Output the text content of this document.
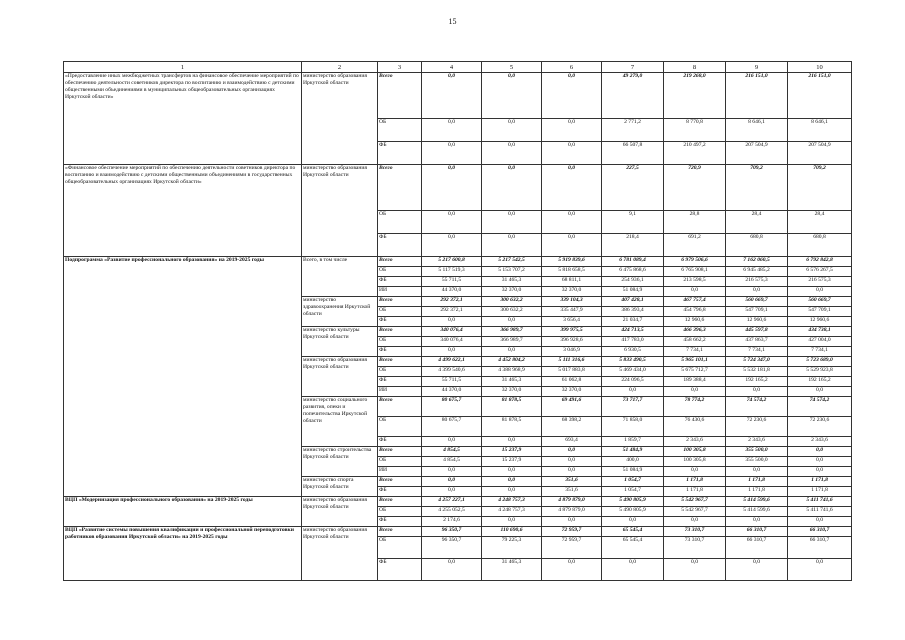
15
1	2	3	4	5	6	7	8	9	10
«Предоставление иных межбюджетных трансфертов на финансовое обеспечение мероприятий по обеспечению деятельности советников директора по воспитанию и взаимодействию с детскими общественными объединениями в муниципальных общеобразовательных организациях Иркутской области»	министерство образования Иркутской области	Всего	0,0	0,0	0,0	49 279,0	219 268,0	216 151,0	216 151,0
		ОБ	0,0	0,0	0,0	2 771,2	8 770,8	8 646,1	8 646,1
		ФБ	0,0	0,0	0,0	66 507,8	210 497,2	207 504,9	207 504,9
«Финансовое обеспечение мероприятий по обеспечению деятельности советников директора по воспитанию и взаимодействию с детскими общественными объединениями в государственных общеобразовательных организациях Иркутской области»	министерство образования Иркутской области	Всего	0,0	0,0	0,0	227,5	720,9	709,2	709,2
		ОБ	0,0	0,0	0,0	9,1	28,8	28,4	28,4
		ФБ	0,0	0,0	0,0	218,4	691,2	680,8	680,8
Подпрограмма «Развитие профессионального образования» на 2019-2025 годы	Всего, в том числе	Всего	5 217 600,8	5 217 542,5	5 919 839,6	6 781 089,4	6 979 506,6	7 162 060,5	6 792 842,8
		ОБ	5 117 519,3	5 153 707,2	5 818 658,5	6 475 868,6	6 765 908,1	6 945 485,2	6 576 267,5
		ФБ	55 711,5	31 465,3	68 811,1	254 936,1	213 598,5	216 575,3	216 575,3
		ИИ	44 370,0	32 370,0	32 370,0	51 084,9	0,0	0,0	0,0
	министерство здравоохранения Иркутской области	Всего	292 372,1	300 632,2	339 104,3	407 428,1	467 757,4	560 669,7	560 669,7
		ОБ	292 372,1	300 632,2	335 447,9	386 393,4	454 796,8	547 709,1	547 709,1
		ФБ	0,0	0,0	3 656,4	21 034,7	12 960,6	12 960,6	12 960,6
	министерство культуры Иркутской области	Всего	340 076,4	366 989,7	399 975,5	424 713,5	466 396,3	445 597,8	434 738,1
		ОБ	340 076,4	366 989,7	396 928,6	417 783,0	458 662,2	437 863,7	427 004,0
		ФБ	0,0	0,0	3 046,9	6 930,5	7 734,1	7 734,1	7 734,1
	министерство образования Иркутской области	Всего	4 499 622,1	4 452 804,2	5 111 316,6	5 833 490,5	5 965 101,1	5 724 347,0	5 723 689,0
		ОБ	4 399 540,6	4 388 968,9	5 017 883,8	5 469 434,0	5 675 712,7	5 532 181,8	5 529 923,8
		ФБ	55 711,5	31 465,3	61 062,8	224 096,5	189 388,4	192 165,2	192 165,2
		ИИ	44 370,0	32 370,0	32 370,0	0,0	0,0	0,0	0,0
	министерство социального развития, опеки и попечительства Иркутской области	Всего	80 675,7	81 878,5	69 491,6	73 717,7	78 774,2	74 574,2	74 574,2
		ОБ	80 675,7	81 878,5	68 398,2	71 858,0	76 430,6	72 230,6	72 230,6
		ФБ	0,0	0,0	693,4	1 859,7	2 343,6	2 343,6	2 343,6
	министерство строительства Иркутской области	Всего	4 854,5	15 237,9	0,0	51 484,9	100 305,8	355 500,0	0,0
		ОБ	4 854,5	15 237,9	0,0	400,0	100 305,8	355 500,0	0,0
		ИИ	0,0	0,0	0,0	51 084,9	0,0	0,0	0,0
	министерство спорта Иркутской области	Всего	0,0	0,0	351,6	1 054,7	1 171,8	1 171,8	1 171,8
		ФБ	0,0	0,0	351,6	1 054,7	1 171,8	1 171,8	1 171,8
ВЦП «Модернизация профессионального образования» на 2019-2025 годы	министерство образования Иркутской области	Всего	4 257 227,1	4 248 757,3	4 879 879,0	5 490 805,9	5 542 967,7	5 414 599,6	5 411 741,6
		ОБ	4 255 052,5	4 248 757,3	4 879 879,0	5 490 805,9	5 542 967,7	5 414 599,6	5 411 741,6
		ФБ	2 174,6	0,0	0,0	0,0	0,0	0,0	0,0
ВЦП «Развитие системы повышения квалификации и профессиональной переподготовки работников образования Иркутской области» на 2019-2025 годы	министерство образования Иркутской области	Всего	96 350,7	110 690,6	72 959,7	65 545,4	73 310,7	66 310,7	66 310,7
		ОБ	96 350,7	79 225,3	72 959,7	65 545,4	73 310,7	66 310,7	66 310,7
		ФБ	0,0	31 465,3	0,0	0,0	0,0	0,0	0,0
